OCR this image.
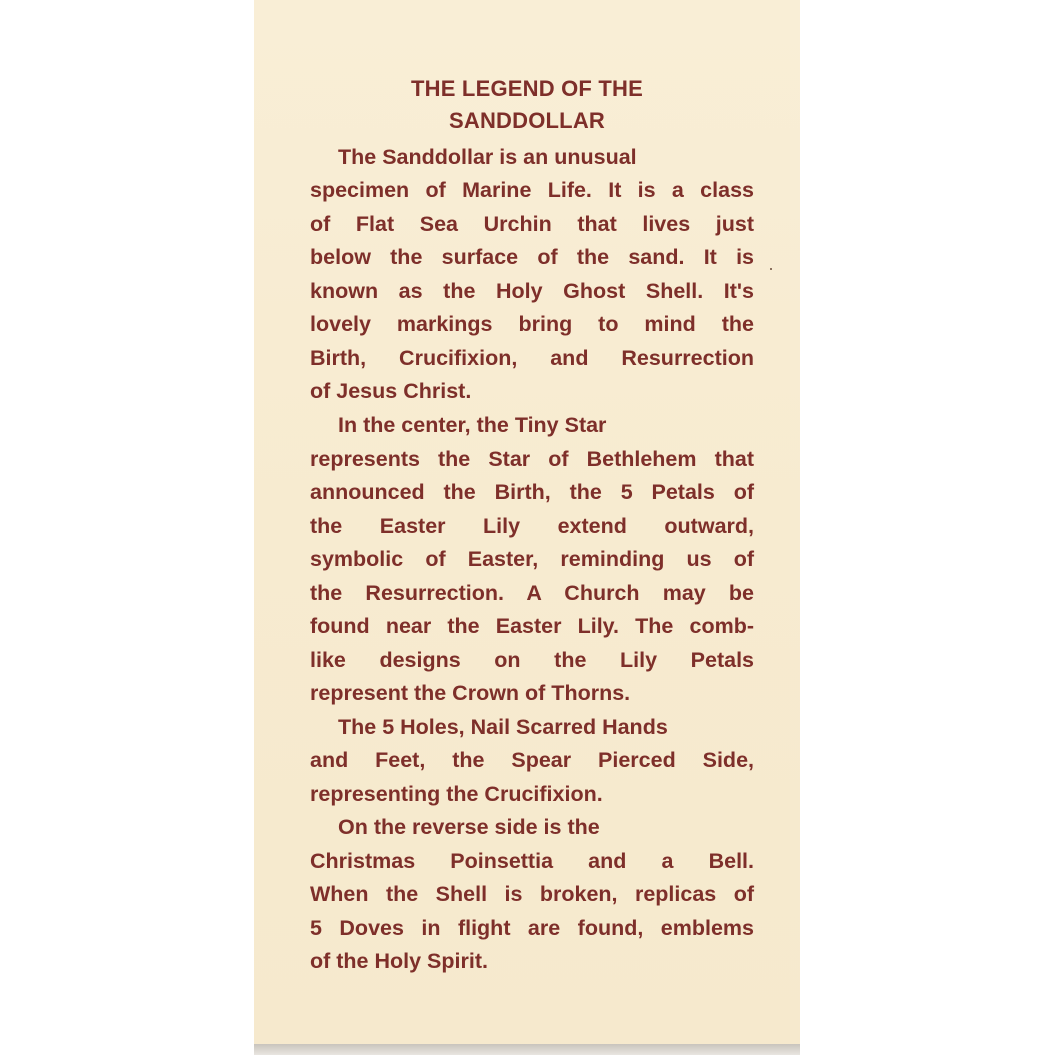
THE LEGEND OF THE
SANDDOLLAR

The Sanddollar is an unusual

specimen of Marine Life. It is a class

of Flat Sea Urchin that lives just

below the surface of the sand. It is

known as the Holy Ghost Shell. It's

lovely markings bring to mind the

Birth, Crucifixion, and Resurrection

of Jesus Christ.

In the center, the Tiny Star

represents the Star of Bethlehem that

announced the Birth, the 5 Petals of

the Easter Lily extend outward,

symbolic of Easter, reminding us of

the Resurrection. A Church may be

found near the Easter Lily. The comb-

like designs on the Lily Petals

represent the Crown of Thorns.

The 5 Holes, Nail Scarred Hands

and Feet, the Spear Pierced Side,

representing the Crucifixion.

On the reverse side is the

Christmas Poinsettia and a Bell.

When the Shell is broken, replicas of

5 Doves in flight are found, emblems

of the Holy Spirit.
